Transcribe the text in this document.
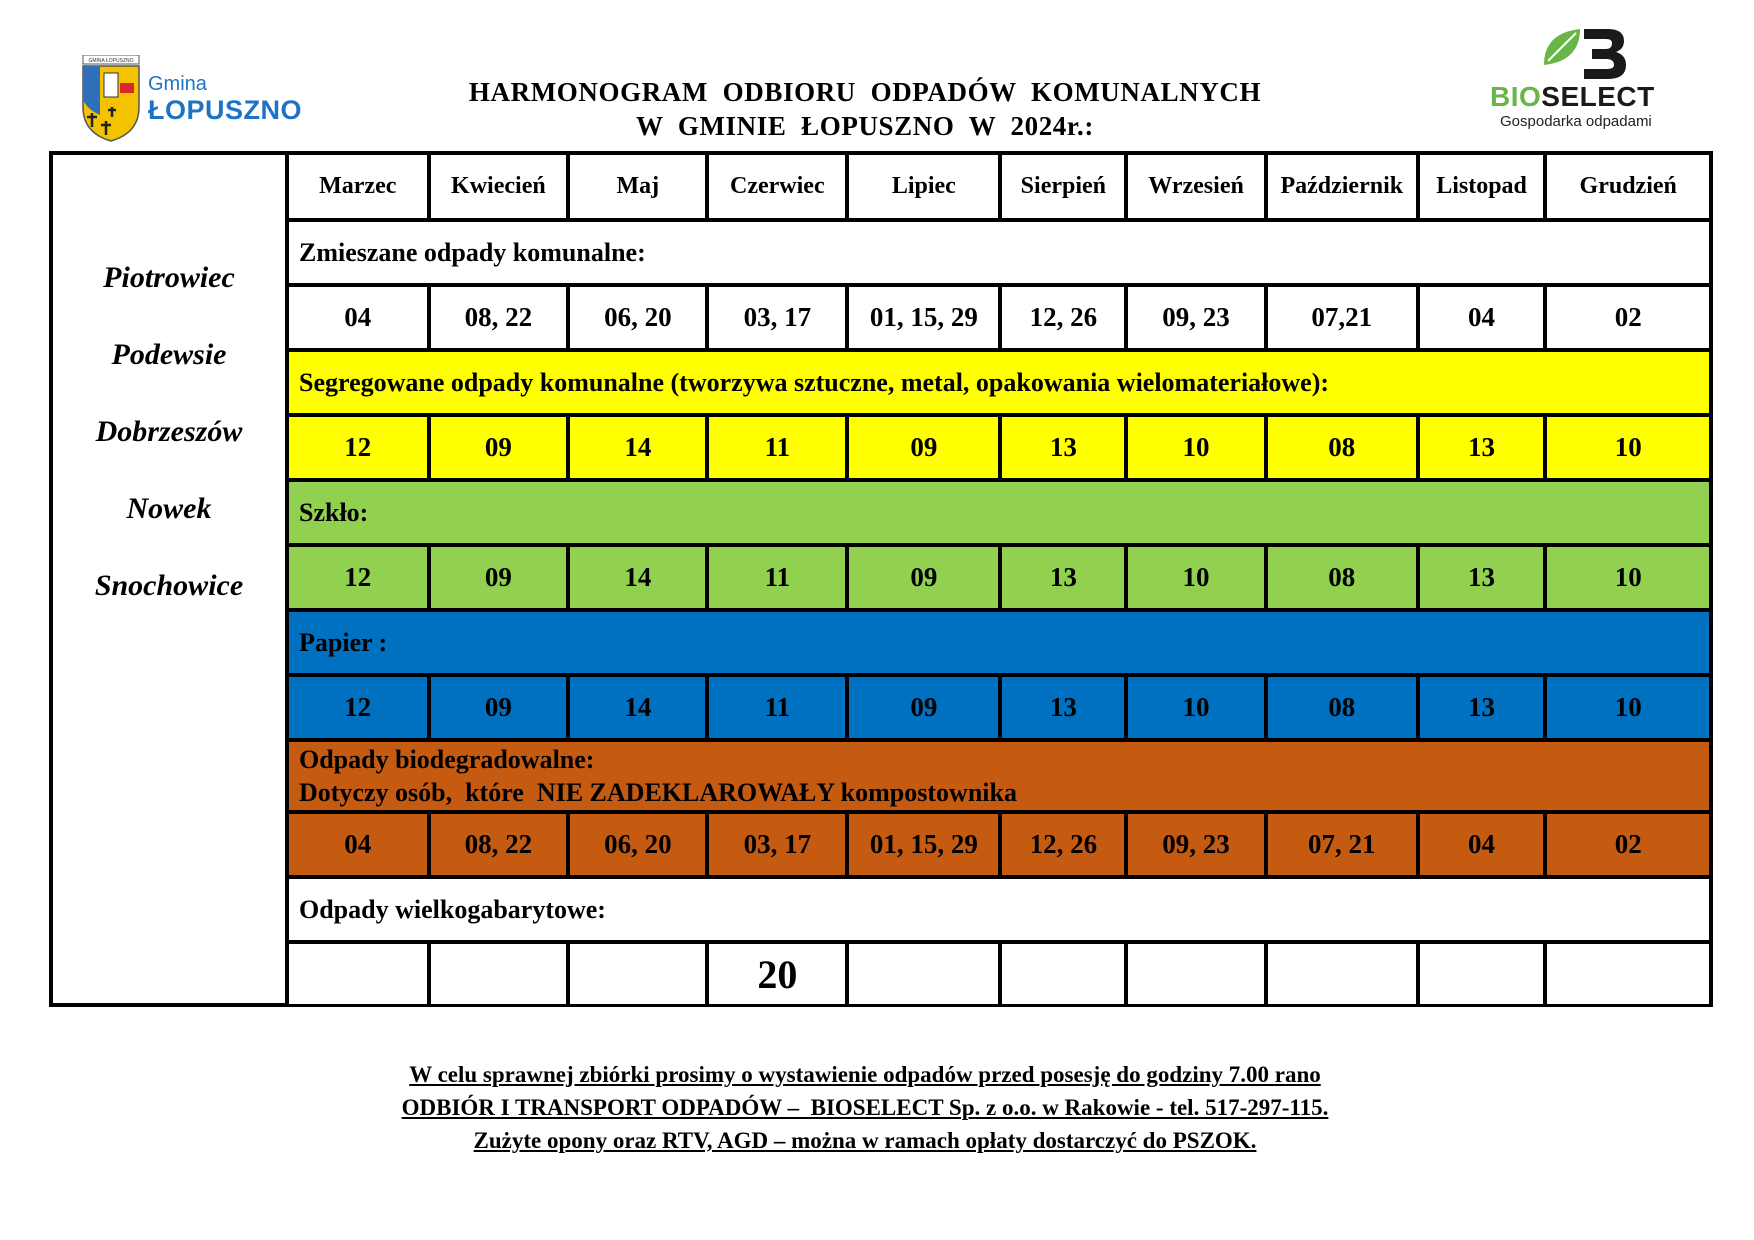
GMINA ŁOPUSZNO
Gmina
ŁOPUSZNO	BIOSELECT
Gospodarka odpadami
HARMONOGRAM  ODBIORU  ODPADÓW  KOMUNALNYCH
W  GMINIE  ŁOPUSZNO  W  2024r.:
Piotrowiec
Podewsie
Dobrzeszów
Nowek
Snochowice
Marzec	Kwiecień	Maj	Czerwiec	Lipiec	Sierpień	Wrzesień	Październik	Listopad	Grudzień
Zmieszane odpady komunalne:									
04	08, 22	06, 20	03, 17	01, 15, 29	12, 26	09, 23	07,21	04	02
Segregowane odpady komunalne (tworzywa sztuczne, metal, opakowania wielomateriałowe):									
12	09	14	11	09	13	10	08	13	10
Szkło:									
12	09	14	11	09	13	10	08	13	10
Papier :									
12	09	14	11	09	13	10	08	13	10

Odpady biodegradowalne:
Dotyczy osób,  które  NIE ZADEKLAROWAŁY kompostownika									

04	08, 22	06, 20	03, 17	01, 15, 29	12, 26	09, 23	07, 21	04	02
Odpady wielkogabarytowe:									
			20						
W celu sprawnej zbiórki prosimy o wystawienie odpadów przed posesję do godziny 7.00 rano
ODBIÓR I TRANSPORT ODPADÓW –  BIOSELECT Sp. z o.o. w Rakowie - tel. 517-297-115.
Zużyte opony oraz RTV, AGD – można w ramach opłaty dostarczyć do PSZOK.
